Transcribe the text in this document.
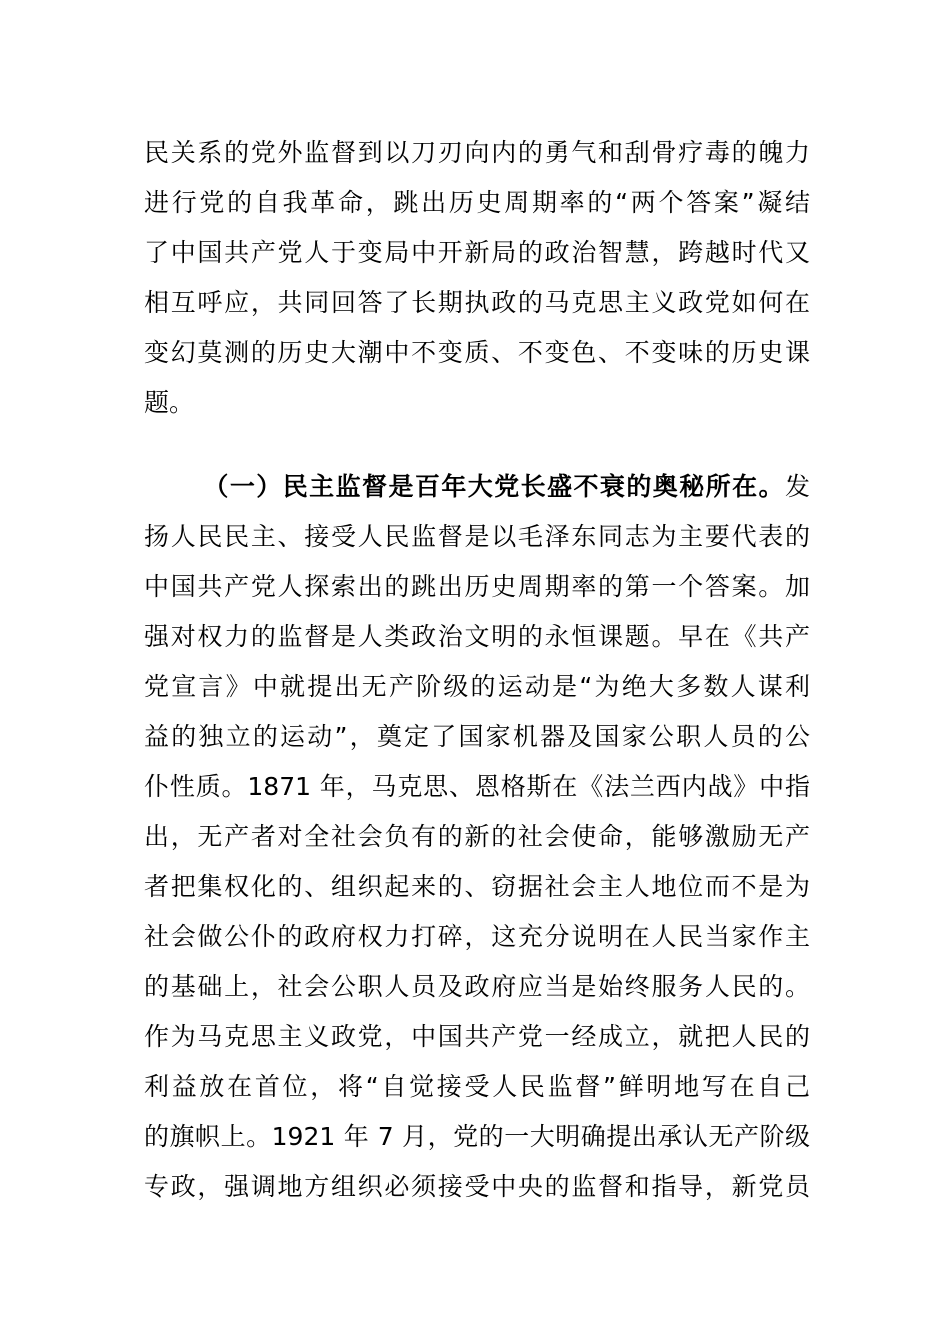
民关系的党外监督到以刀刃向内的勇气和刮骨疗毒的魄力
进行党的自我革命，跳出历史周期率的“两个答案”凝结
了中国共产党人于变局中开新局的政治智慧，跨越时代又
相互呼应，共同回答了长期执政的马克思主义政党如何在
变幻莫测的历史大潮中不变质、不变色、不变味的历史课
题。
（一）民主监督是百年大党长盛不衰的奥秘所在。发
扬人民民主、接受人民监督是以毛泽东同志为主要代表的
中国共产党人探索出的跳出历史周期率的第一个答案。加
强对权力的监督是人类政治文明的永恒课题。早在《共产
党宣言》中就提出无产阶级的运动是“为绝大多数人谋利
益的独立的运动”，奠定了国家机器及国家公职人员的公
仆性质。1871 年，马克思、恩格斯在《法兰西内战》中指
出，无产者对全社会负有的新的社会使命，能够激励无产
者把集权化的、组织起来的、窃据社会主人地位而不是为
社会做公仆的政府权力打碎，这充分说明在人民当家作主
的基础上，社会公职人员及政府应当是始终服务人民的。
作为马克思主义政党，中国共产党一经成立，就把人民的
利益放在首位，将“自觉接受人民监督”鲜明地写在自己
的旗帜上。1921 年 7 月，党的一大明确提出承认无产阶级
专政，强调地方组织必须接受中央的监督和指导，新党员
